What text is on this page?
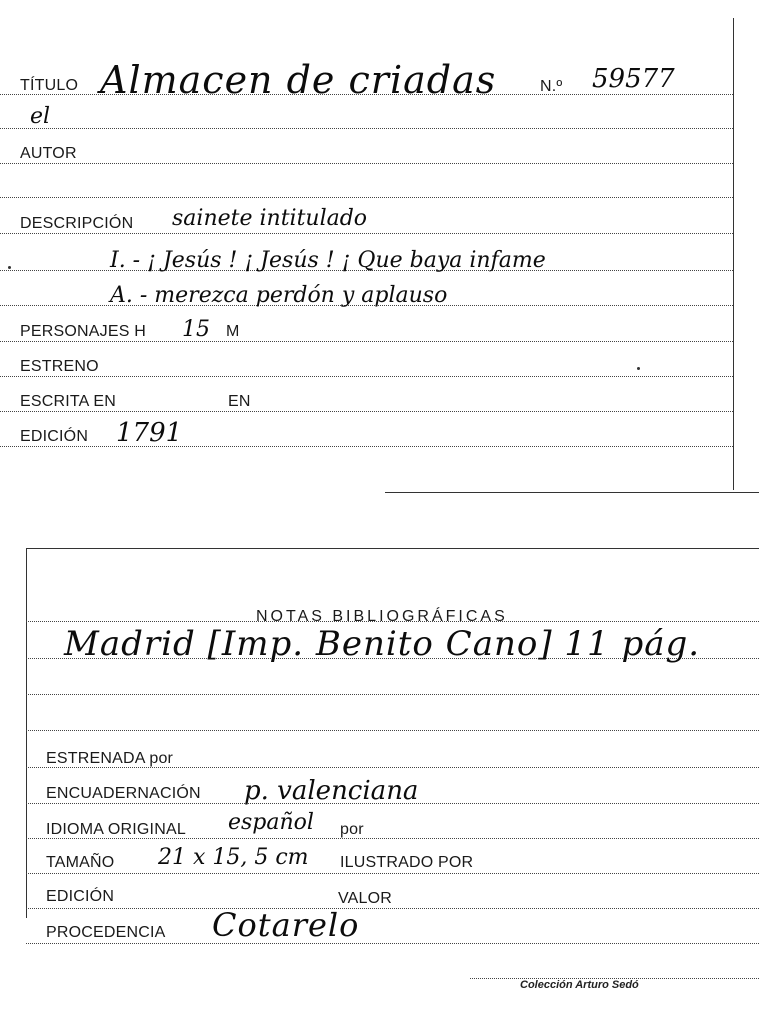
TÍTULO Almacen de criadas	N.º 59577
el
AUTOR
DESCRIPCIÓN sainete intitulado
I. - ¡ Jesús ! ¡ Jesús ! ¡ Que baya infame
A. - merezca perdón y aplauso
PERSONAJES H 15 M
ESTRENO
ESCRITA EN	EN
EDICIÓN 1791
NOTAS BIBLIOGRÁFICAS
Madrid [Imp. Benito Cano] 11 pág.
ESTRENADA por
ENCUADERNACIÓN p. valenciana
IDIOMA ORIGINAL español por
TAMAÑO 21 x 15, 5 cm ILUSTRADO POR
EDICIÓN	VALOR
PROCEDENCIA Cotarelo
Colección Arturo Sedó
